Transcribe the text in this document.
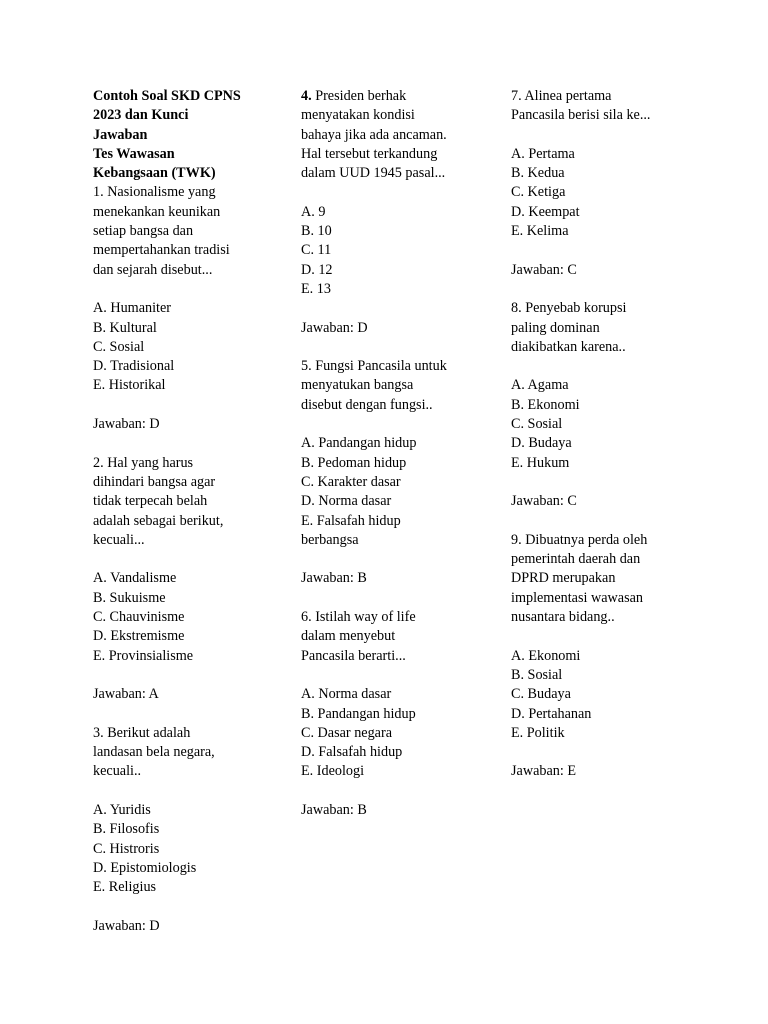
Contoh Soal SKD CPNS
2023 dan Kunci
Jawaban
Tes Wawasan
Kebangsaan (TWK)
1. Nasionalisme yang
menekankan keunikan
setiap bangsa dan
mempertahankan tradisi
dan sejarah disebut...
A. Humaniter
B. Kultural
C. Sosial
D. Tradisional
E. Historikal
Jawaban: D
2. Hal yang harus
dihindari bangsa agar
tidak terpecah belah
adalah sebagai berikut,
kecuali...
A. Vandalisme
B. Sukuisme
C. Chauvinisme
D. Ekstremisme
E. Provinsialisme
Jawaban: A
3. Berikut adalah
landasan bela negara,
kecuali..
A. Yuridis
B. Filosofis
C. Histroris
D. Epistomiologis
E. Religius
Jawaban: D
4. Presiden berhak
menyatakan kondisi
bahaya jika ada ancaman.
Hal tersebut terkandung
dalam UUD 1945 pasal...
A. 9
B. 10
C. 11
D. 12
E. 13
Jawaban: D
5. Fungsi Pancasila untuk
menyatukan bangsa
disebut dengan fungsi..
A. Pandangan hidup
B. Pedoman hidup
C. Karakter dasar
D. Norma dasar
E. Falsafah hidup
berbangsa
Jawaban: B
6. Istilah way of life
dalam menyebut
Pancasila berarti...
A. Norma dasar
B. Pandangan hidup
C. Dasar negara
D. Falsafah hidup
E. Ideologi
Jawaban: B
7. Alinea pertama
Pancasila berisi sila ke...
A. Pertama
B. Kedua
C. Ketiga
D. Keempat
E. Kelima
Jawaban: C
8. Penyebab korupsi
paling dominan
diakibatkan karena..
A. Agama
B. Ekonomi
C. Sosial
D. Budaya
E. Hukum
Jawaban: C
9. Dibuatnya perda oleh
pemerintah daerah dan
DPRD merupakan
implementasi wawasan
nusantara bidang..
A. Ekonomi
B. Sosial
C. Budaya
D. Pertahanan
E. Politik
Jawaban: E
